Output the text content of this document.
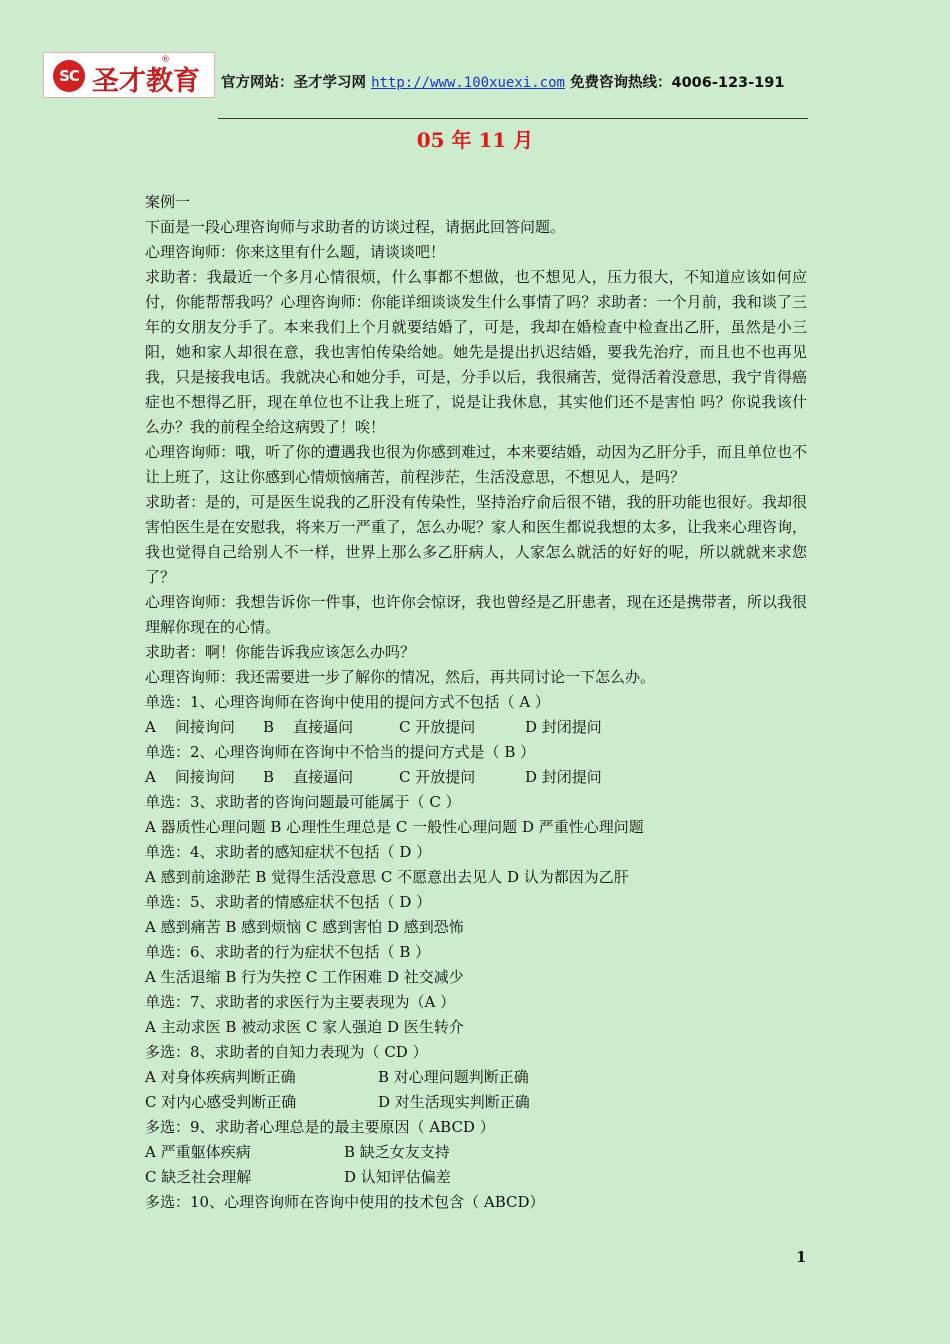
SC 圣才教育
®
官方网站：圣才学习网 http://www.100xuexi.com 免费咨询热线：4006-123-191
05 年 11 月

案例一

下面是一段心理咨询师与求助者的访谈过程，请据此回答问题。

心理咨询师：你来这里有什么题，请谈谈吧！

求助者：我最近一个多月心情很烦，什么事都不想做，也不想见人，压力很大，不知道应该如何应付，你能帮帮我吗？心理咨询师：你能详细谈谈发生什么事情了吗？求助者：一个月前，我和谈了三年的女朋友分手了。本来我们上个月就要结婚了，可是，我却在婚检查中检查出乙肝，虽然是小三阳，她和家人却很在意，我也害怕传染给她。她先是提出扒迟结婚，要我先治疗，而且也不也再见我，只是接我电话。我就决心和她分手，可是，分手以后，我很痛苦，觉得活着没意思，我宁肯得癌症也不想得乙肝，现在单位也不让我上班了，说是让我休息，其实他们还不是害怕 吗？你说我该什么办？我的前程全给这病毁了！唉！

心理咨询师：哦，听了你的遭遇我也很为你感到难过，本来要结婚，动因为乙肝分手，而且单位也不让上班了，这让你感到心情烦恼痛苦，前程涉茫，生活没意思，不想见人，是吗？

求助者：是的，可是医生说我的乙肝没有传染性，坚持治疗俞后很不错，我的肝功能也很好。我却很害怕医生是在安慰我，将来万一严重了，怎么办呢？家人和医生都说我想的太多，让我来心理咨询，我也觉得自己给别人不一样，世界上那么多乙肝病人，人家怎么就活的好好的呢，所以就就来求您了？

心理咨询师：我想告诉你一件事，也许你会惊讶，我也曾经是乙肝患者，现在还是携带者，所以我很理解你现在的心情。

求助者：啊！你能告诉我应该怎么办吗？

心理咨询师：我还需要进一步了解你的情况，然后，再共同讨论一下怎么办。

单选：1、心理咨询师在咨询中使用的提问方式不包括（ A ）

A    间接询问 B    直接逼问	C 开放提问	D 封闭提问

单选：2、心理咨询师在咨询中不恰当的提问方式是（ B ）

A    间接询问 B    直接逼问	C 开放提问	D 封闭提问

单选：3、求助者的咨询问题最可能属于（ C ）

A 器质性心理问题 B 心理性生理总是 C 一般性心理问题 D 严重性心理问题

单选：4、求助者的感知症状不包括（ D ）

A 感到前途渺茫 B 觉得生活没意思 C 不愿意出去见人 D 认为都因为乙肝

单选：5、求助者的情感症状不包括（ D ）

A 感到痛苦 B 感到烦恼 C 感到害怕 D 感到恐怖

单选：6、求助者的行为症状不包括（ B ）

A 生活退缩 B 行为失控 C 工作困难 D 社交减少

单选：7、求助者的求医行为主要表现为（A ）

A 主动求医 B 被动求医 C 家人强迫 D 医生转介

多选：8、求助者的自知力表现为（ CD ）

A 对身体疾病判断正确	B 对心理问题判断正确
C 对内心感受判断正确	D 对生活现实判断正确

多选：9、求助者心理总是的最主要原因（ ABCD ）

A 严重躯体疾病	B 缺乏女友支持
C 缺乏社会理解	D 认知评估偏差

多选：10、心理咨询师在咨询中使用的技术包含（ ABCD）

1
